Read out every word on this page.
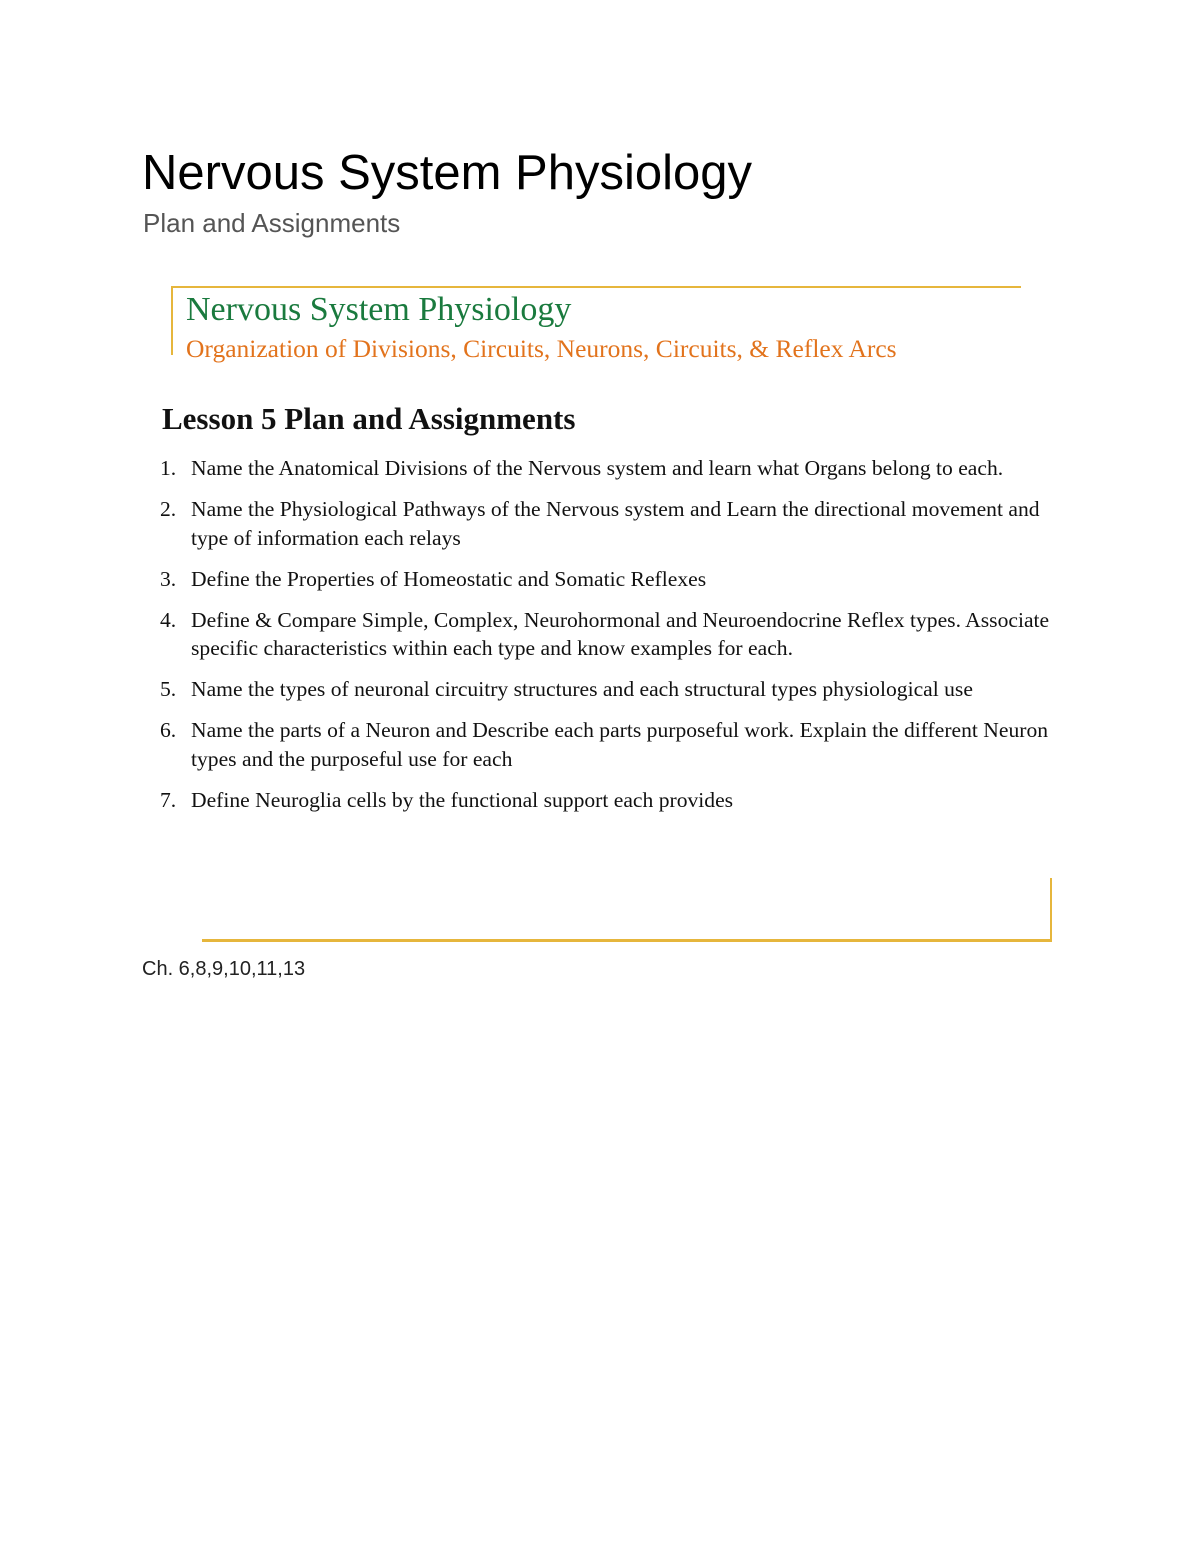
Nervous System Physiology

Plan and Assignments

Nervous System Physiology

Organization of Divisions, Circuits, Neurons, Circuits, & Reflex Arcs

Lesson 5 Plan and Assignments
1. Name the Anatomical Divisions of the Nervous system and learn what Organs belong to each.
2. Name the Physiological Pathways of the Nervous system and Learn the directional movement and type of information each relays
3. Define the Properties of Homeostatic and Somatic Reflexes
4. Define & Compare Simple, Complex, Neurohormonal and Neuroendocrine Reflex types. Associate specific characteristics within each type and know examples for each.
5. Name the types of neuronal circuitry structures and each structural types physiological use
6. Name the parts of a Neuron and Describe each parts purposeful work. Explain the different Neuron types and the purposeful use for each
7. Define Neuroglia cells by the functional support each provides

Ch. 6,8,9,10,11,13
